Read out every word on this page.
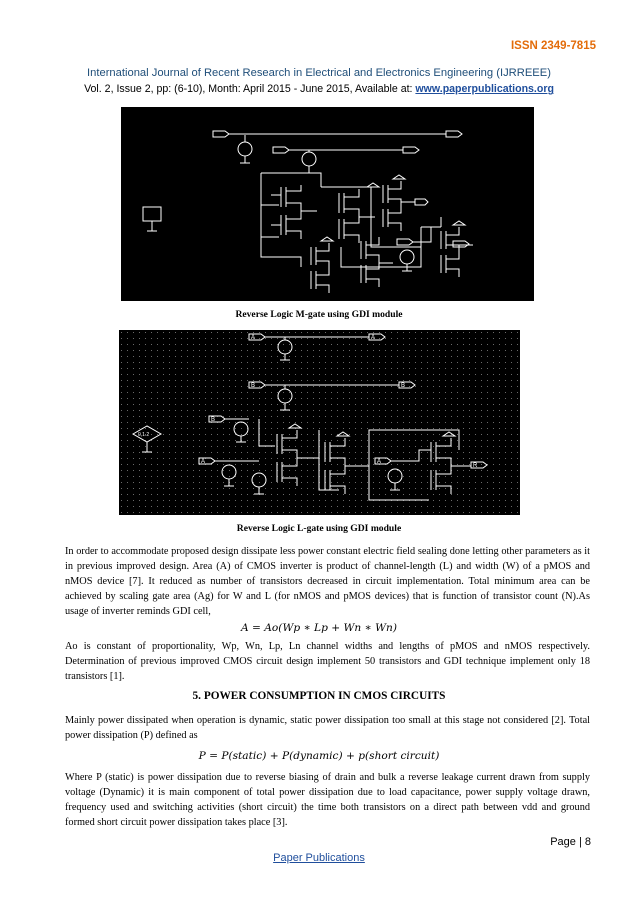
ISSN 2349-7815
International Journal of Recent Research in Electrical and Electronics Engineering (IJRREEE)
Vol. 2, Issue 2, pp: (6-10), Month: April 2015 - June 2015, Available at: www.paperpublications.org
Reverse Logic M-gate using GDI module
A	A
B	B
B
A	A
R
0,1.2
Reverse Logic L-gate using GDI module
In order to accommodate proposed design dissipate less power constant electric field sealing done letting other parameters as it in previous improved design. Area (A) of CMOS inverter is product of channel-length (L) and width (W) of a pMOS and nMOS device [7]. It reduced as number of transistors decreased in circuit implementation. Total minimum area can be achieved by scaling gate area (Ag) for W and L (for nMOS and pMOS devices) that is function of transistor count (N).As usage of inverter reminds GDI cell,
A = Ao(Wp ∗ Lp + Wn ∗ Wn)
Ao is constant of proportionality, Wp, Wn, Lp, Ln channel widths and lengths of pMOS and nMOS respectively. Determination of previous improved CMOS circuit design implement 50 transistors and GDI technique implement only 18 transistors [1].
5. POWER CONSUMPTION IN CMOS CIRCUITS
Mainly power dissipated when operation is dynamic, static power dissipation too small at this stage not considered [2]. Total power dissipation (P) defined as
P = P(static) + P(dynamic) + p(short circuit)
Where P (static) is power dissipation due to reverse biasing of drain and bulk a reverse leakage current drawn from supply voltage (Dynamic) it is main component of total power dissipation due to load capacitance, power supply voltage drawn, frequency used and switching activities (short circuit) the time both transistors on a direct path between vdd and ground formed short circuit power dissipation takes place [3].
Page | 8
Paper Publications
